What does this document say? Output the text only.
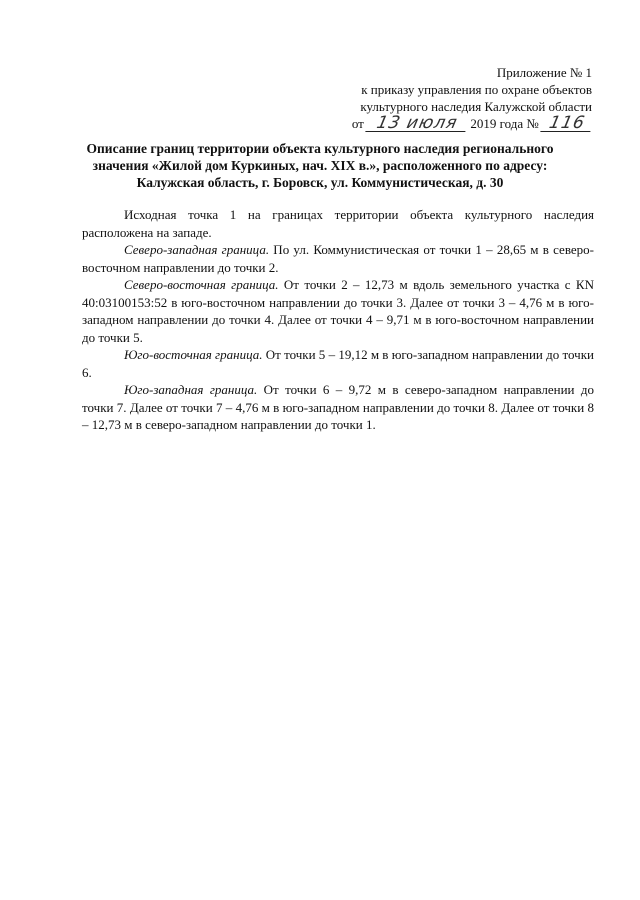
Приложение № 1
к приказу управления по охране объектов
культурного наследия Калужской области
от 13 июля 2019 года № 116
Описание границ территории объекта культурного наследия регионального
значения «Жилой дом Куркиных, нач. XIX в.», расположенного по адресу:
Калужская область, г. Боровск, ул. Коммунистическая, д. 30

Исходная точка 1 на границах территории объекта культурного наследия расположена на западе.

Северо-западная граница. По ул. Коммунистическая от точки 1 – 28,65 м в северо-восточном направлении до точки 2.

Северо-восточная граница. От точки 2 – 12,73 м вдоль земельного участка с КN 40:03100153:52 в юго-восточном направлении до точки 3. Далее от точки 3 – 4,76 м в юго-западном направлении до точки 4. Далее от точки 4 – 9,71 м в юго-восточном направлении до точки 5.

Юго-восточная граница. От точки 5 – 19,12 м в юго-западном направлении до точки 6.

Юго-западная граница. От точки 6 – 9,72 м в северо-западном направлении до точки 7. Далее от точки 7 – 4,76 м в юго-западном направлении до точки 8. Далее от точки 8 – 12,73 м в северо-западном направлении до точки 1.
